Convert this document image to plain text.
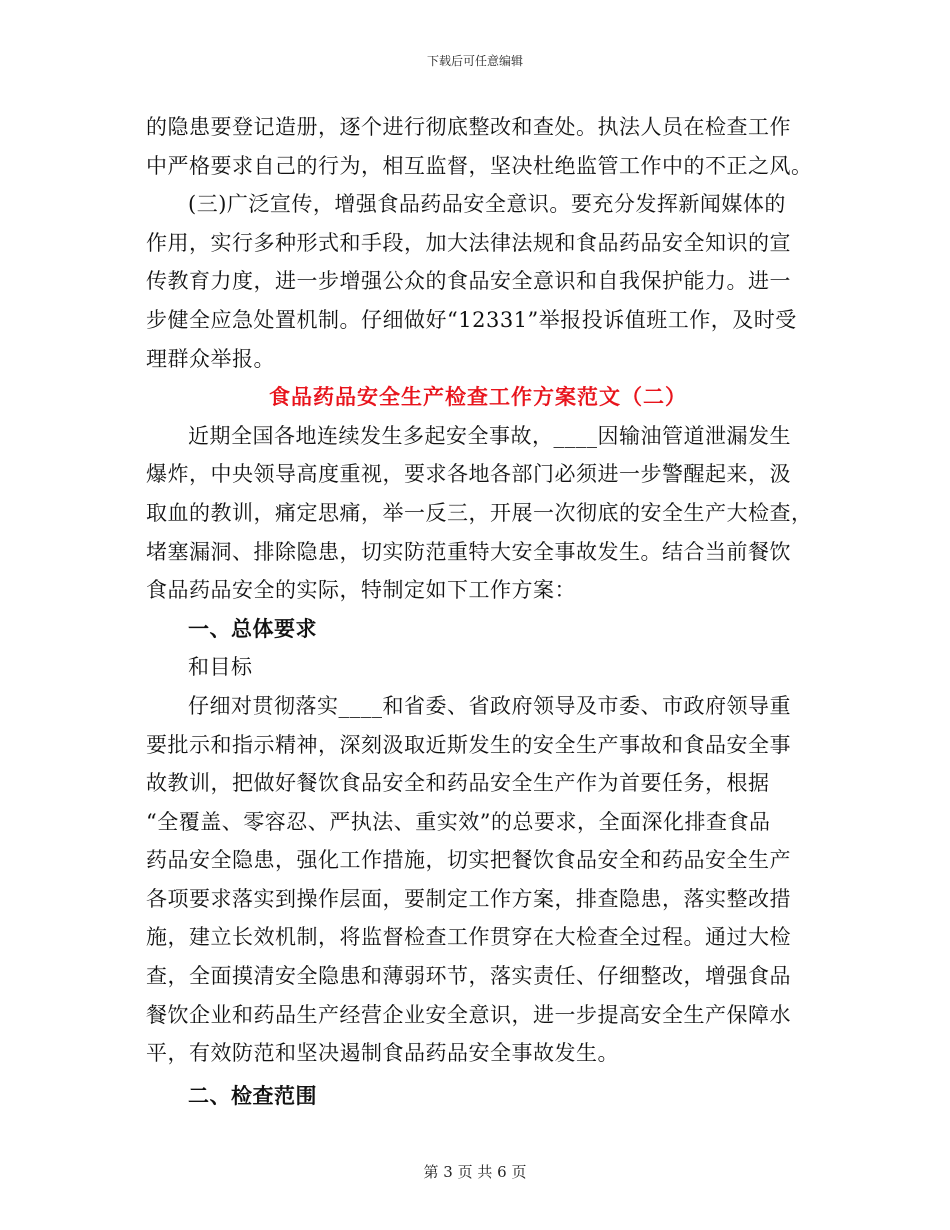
下载后可任意编辑
的隐患要登记造册，逐个进行彻底整改和查处。执法人员在检查工作
中严格要求自己的行为，相互监督，坚决杜绝监管工作中的不正之风。
(三)广泛宣传，增强食品药品安全意识。要充分发挥新闻媒体的
作用，实行多种形式和手段，加大法律法规和食品药品安全知识的宣
传教育力度，进一步增强公众的食品安全意识和自我保护能力。进一
步健全应急处置机制。仔细做好“12331”举报投诉值班工作，及时受
理群众举报。
食品药品安全生产检查工作方案范文（二）
近期全国各地连续发生多起安全事故，____因输油管道泄漏发生
爆炸，中央领导高度重视，要求各地各部门必须进一步警醒起来，汲
取血的教训，痛定思痛，举一反三，开展一次彻底的安全生产大检查，
堵塞漏洞、排除隐患，切实防范重特大安全事故发生。结合当前餐饮
食品药品安全的实际，特制定如下工作方案：
一、总体要求
和目标
仔细对贯彻落实____和省委、省政府领导及市委、市政府领导重
要批示和指示精神，深刻汲取近斯发生的安全生产事故和食品安全事
故教训，把做好餐饮食品安全和药品安全生产作为首要任务，根据
“全覆盖、零容忍、严执法、重实效”的总要求，全面深化排查食品
药品安全隐患，强化工作措施，切实把餐饮食品安全和药品安全生产
各项要求落实到操作层面，要制定工作方案，排查隐患，落实整改措
施，建立长效机制，将监督检查工作贯穿在大检查全过程。通过大检
查，全面摸清安全隐患和薄弱环节，落实责任、仔细整改，增强食品
餐饮企业和药品生产经营企业安全意识，进一步提高安全生产保障水
平，有效防范和坚决遏制食品药品安全事故发生。
二、检查范围
第 3 页 共 6 页
